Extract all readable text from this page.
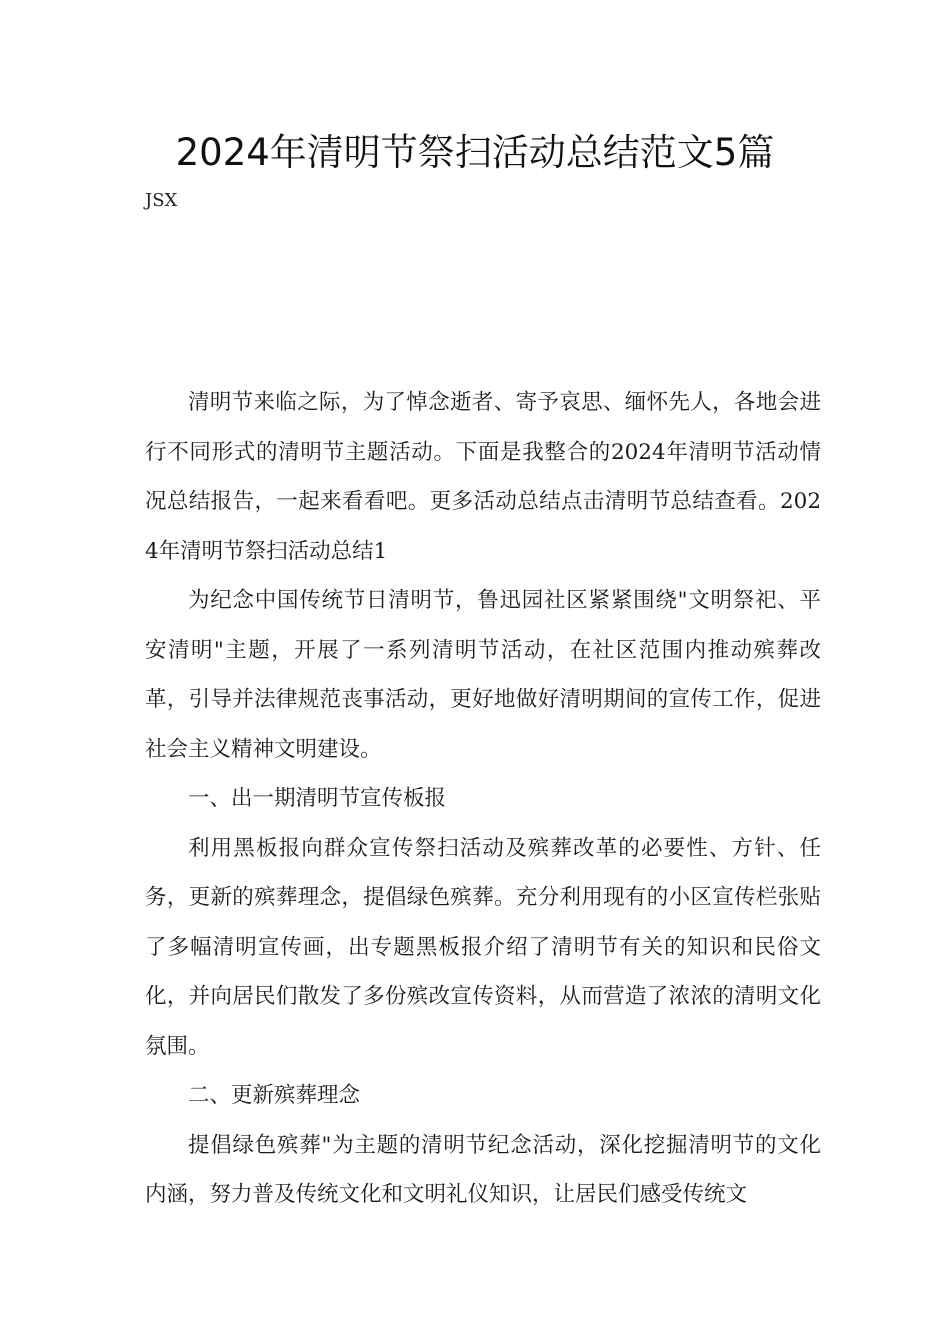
2024年清明节祭扫活动总结范文5篇
JSX

清明节来临之际，为了悼念逝者、寄予哀思、缅怀先人，各地会进行不同形式的清明节主题活动。下面是我整合的2024年清明节活动情况总结报告，一起来看看吧。更多活动总结点击清明节总结查看。2024年清明节祭扫活动总结1

为纪念中国传统节日清明节，鲁迅园社区紧紧围绕"文明祭祀、平安清明"主题，开展了一系列清明节活动，在社区范围内推动殡葬改革，引导并法律规范丧事活动，更好地做好清明期间的宣传工作，促进社会主义精神文明建设。

一、出一期清明节宣传板报

利用黑板报向群众宣传祭扫活动及殡葬改革的必要性、方针、任务，更新的殡葬理念，提倡绿色殡葬。充分利用现有的小区宣传栏张贴了多幅清明宣传画，出专题黑板报介绍了清明节有关的知识和民俗文化，并向居民们散发了多份殡改宣传资料，从而营造了浓浓的清明文化氛围。

二、更新殡葬理念

提倡绿色殡葬"为主题的清明节纪念活动，深化挖掘清明节的文化内涵，努力普及传统文化和文明礼仪知识，让居民们感受传统文
